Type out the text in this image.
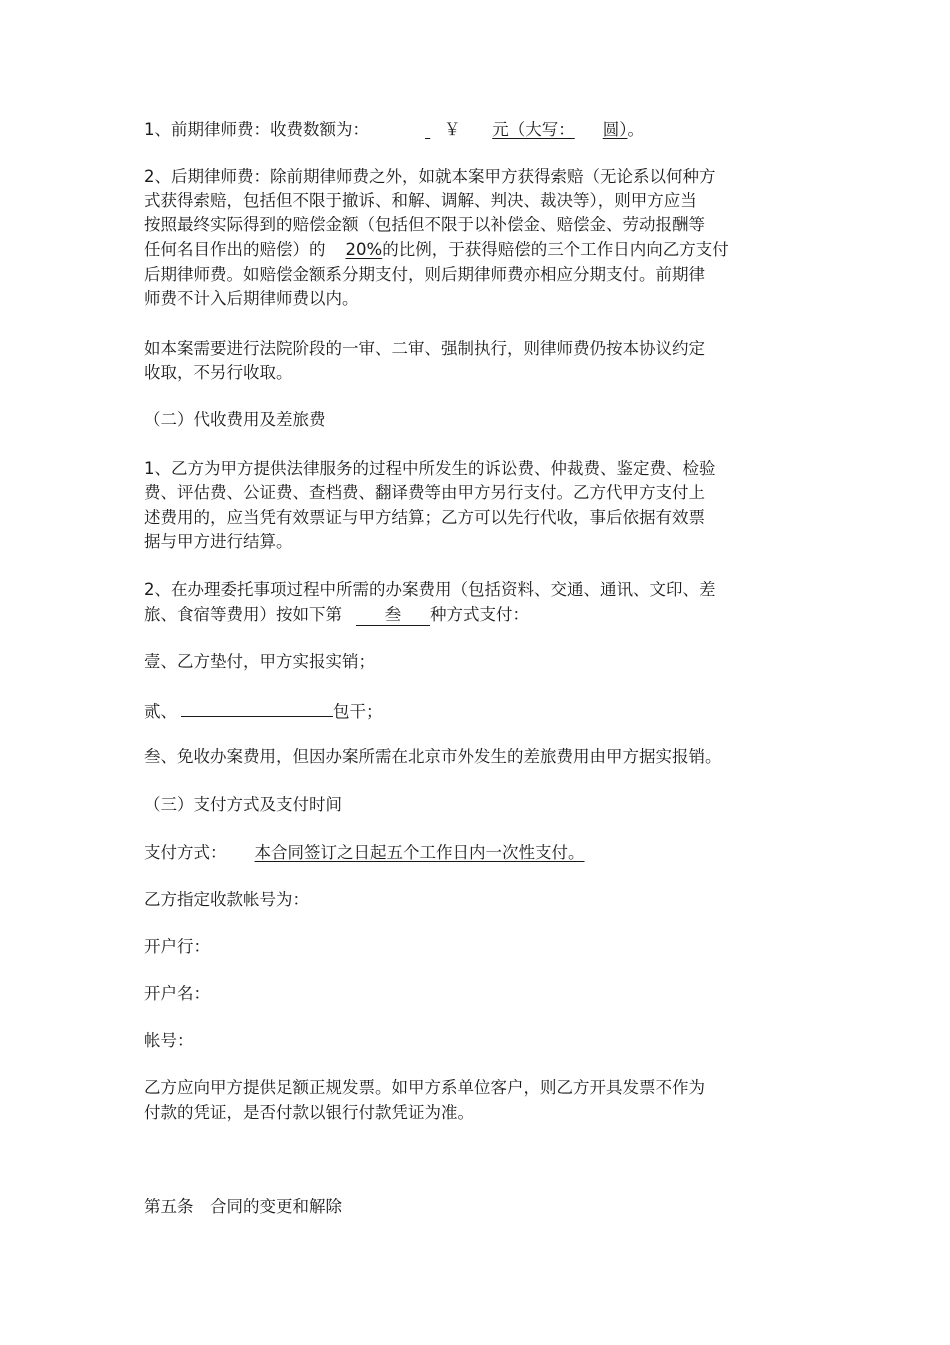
1、前期律师费：收费数额为：	￥ 元（大写： 圆）。

2、后期律师费：除前期律师费之外，如就本案甲方获得索赔（无论系以何种方

式获得索赔，包括但不限于撤诉、和解、调解、判决、裁决等），则甲方应当

按照最终实际得到的赔偿金额（包括但不限于以补偿金、赔偿金、劳动报酬等

任何名目作出的赔偿）的 20%的比例，于获得赔偿的三个工作日内向乙方支付

后期律师费。如赔偿金额系分期支付，则后期律师费亦相应分期支付。前期律

师费不计入后期律师费以内。

如本案需要进行法院阶段的一审、二审、强制执行，则律师费仍按本协议约定

收取，不另行收取。

（二）代收费用及差旅费

1、乙方为甲方提供法律服务的过程中所发生的诉讼费、仲裁费、鉴定费、检验

费、评估费、公证费、查档费、翻译费等由甲方另行支付。乙方代甲方支付上

述费用的，应当凭有效票证与甲方结算；乙方可以先行代收，事后依据有效票

据与甲方进行结算。

2、在办理委托事项过程中所需的办案费用（包括资料、交通、通讯、文印、差

旅、食宿等费用）按如下第	叁 种方式支付：

壹、乙方垫付，甲方实报实销；

贰、	包干；

叁、免收办案费用，但因办案所需在北京市外发生的差旅费用由甲方据实报销。

（三）支付方式及支付时间

支付方式： 本合同签订之日起五个工作日内一次性支付。

乙方指定收款帐号为：

开户行：

开户名：

帐号：

乙方应向甲方提供足额正规发票。如甲方系单位客户，则乙方开具发票不作为

付款的凭证，是否付款以银行付款凭证为准。

第五条　合同的变更和解除
